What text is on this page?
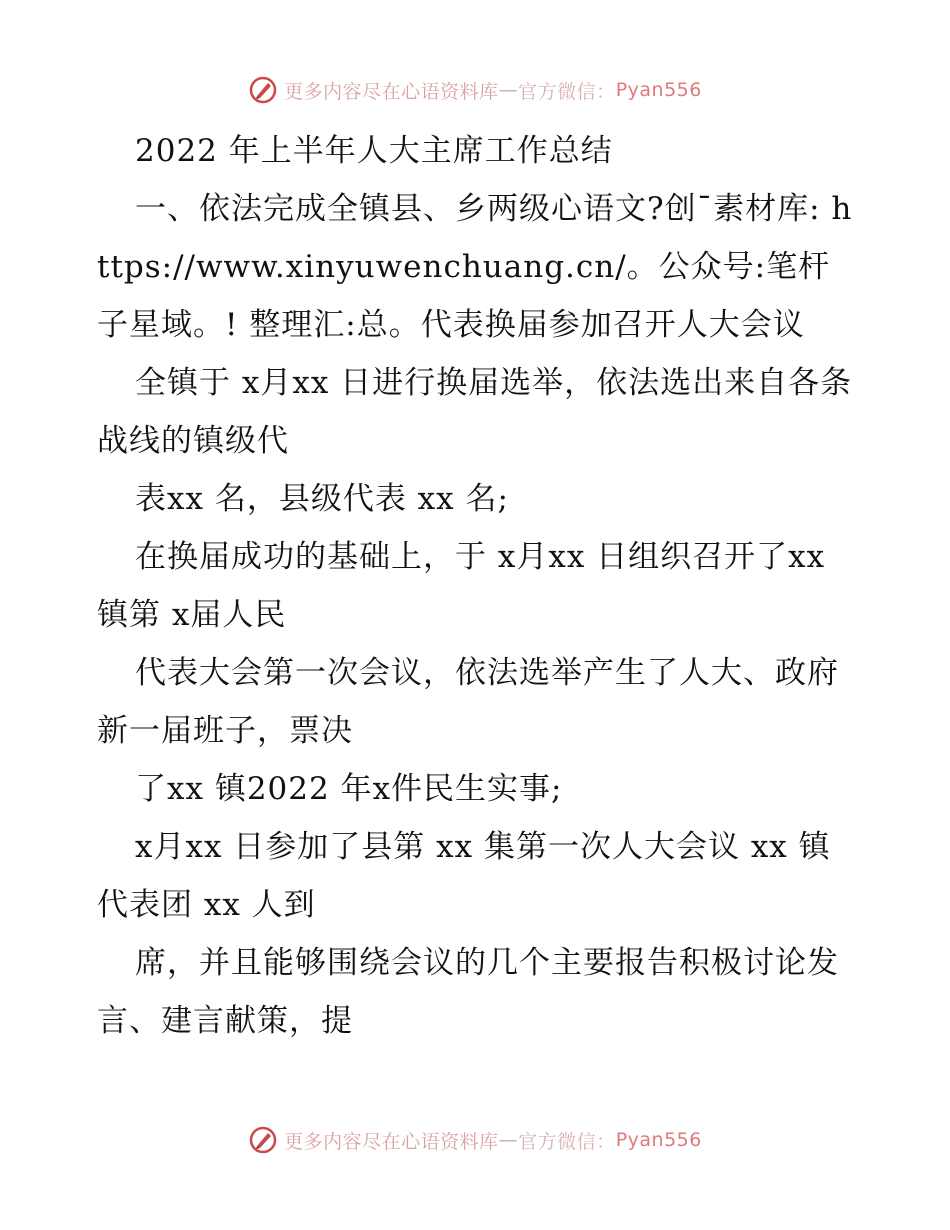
更多内容尽在心语资料库 — 官方微信： Pyan556

2022 年上半年人大主席工作总结

一、依法完成全镇县、乡两级心语文?创¯素材库: https://www.xinyuwenchuang.cn/。公众号:笔杆子星域。! 整理汇:总。代表换届参加召开人大会议

全镇于 x月xx 日进行换届选举，依法选出来自各条战线的镇级代

表xx 名，县级代表 xx 名;

在换届成功的基础上，于 x月xx 日组织召开了xx 镇第 x届人民

代表大会第一次会议，依法选举产生了人大、政府新一届班子，票决

了xx 镇2022 年x件民生实事;

x月xx 日参加了县第 xx 集第一次人大会议 xx 镇代表团 xx 人到

席，并且能够围绕会议的几个主要报告积极讨论发言、建言献策，提

更多内容尽在心语资料库 — 官方微信： Pyan556
